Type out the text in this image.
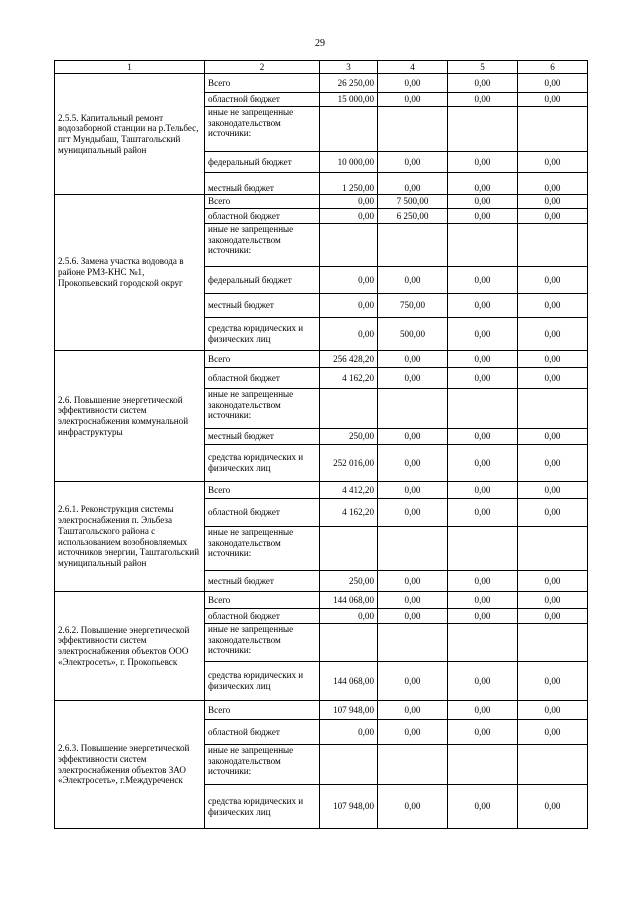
29
1	2	3	4	5	6
2.5.5. Капитальный ремонт водозаборной станции на р.Тельбес, пгт Мундыбаш, Таштагольский муниципальный район	Всего	26 250,00	0,00	0,00	0,00
	областной бюджет	15 000,00	0,00	0,00	0,00
	иные не запрещенные законодательством источники:				
	федеральный бюджет	10 000,00	0,00	0,00	0,00
	местный бюджет	1 250,00	0,00	0,00	0,00
2.5.6. Замена участка водовода в районе РМЗ-КНС №1, Прокопьевский городской округ	Всего	0,00	7 500,00	0,00	0,00
	областной бюджет	0,00	6 250,00	0,00	0,00
	иные не запрещенные законодательством источники:				
	федеральный бюджет	0,00	0,00	0,00	0,00
	местный бюджет	0,00	750,00	0,00	0,00
	средства юридических и физических лиц	0,00	500,00	0,00	0,00
2.6. Повышение энергетической эффективности систем электроснабжения коммунальной инфраструктуры	Всего	256 428,20	0,00	0,00	0,00
	областной бюджет	4 162,20	0,00	0,00	0,00
	иные не запрещенные законодательством источники:				
	местный бюджет	250,00	0,00	0,00	0,00
	средства юридических и физических лиц	252 016,00	0,00	0,00	0,00
2.6.1. Реконструкция системы электроснабжения п. Эльбеза Таштагольского района с использованием возобновляемых источников энергии, Таштагольский муниципальный район	Всего	4 412,20	0,00	0,00	0,00
	областной бюджет	4 162,20	0,00	0,00	0,00
	иные не запрещенные законодательством источники:				
	местный бюджет	250,00	0,00	0,00	0,00
2.6.2. Повышение энергетической эффективности систем электроснабжения объектов ООО «Электросеть», г. Прокопьевск	Всего	144 068,00	0,00	0,00	0,00
	областной бюджет	0,00	0,00	0,00	0,00
	иные не запрещенные законодательством источники:				
	средства юридических и физических лиц	144 068,00	0,00	0,00	0,00
2.6.3. Повышение энергетической эффективности систем электроснабжения объектов ЗАО «Электросеть», г.Междуреченск	Всего	107 948,00	0,00	0,00	0,00
	областной бюджет	0,00	0,00	0,00	0,00
	иные не запрещенные законодательством источники:				
	средства юридических и физических лиц	107 948,00	0,00	0,00	0,00
